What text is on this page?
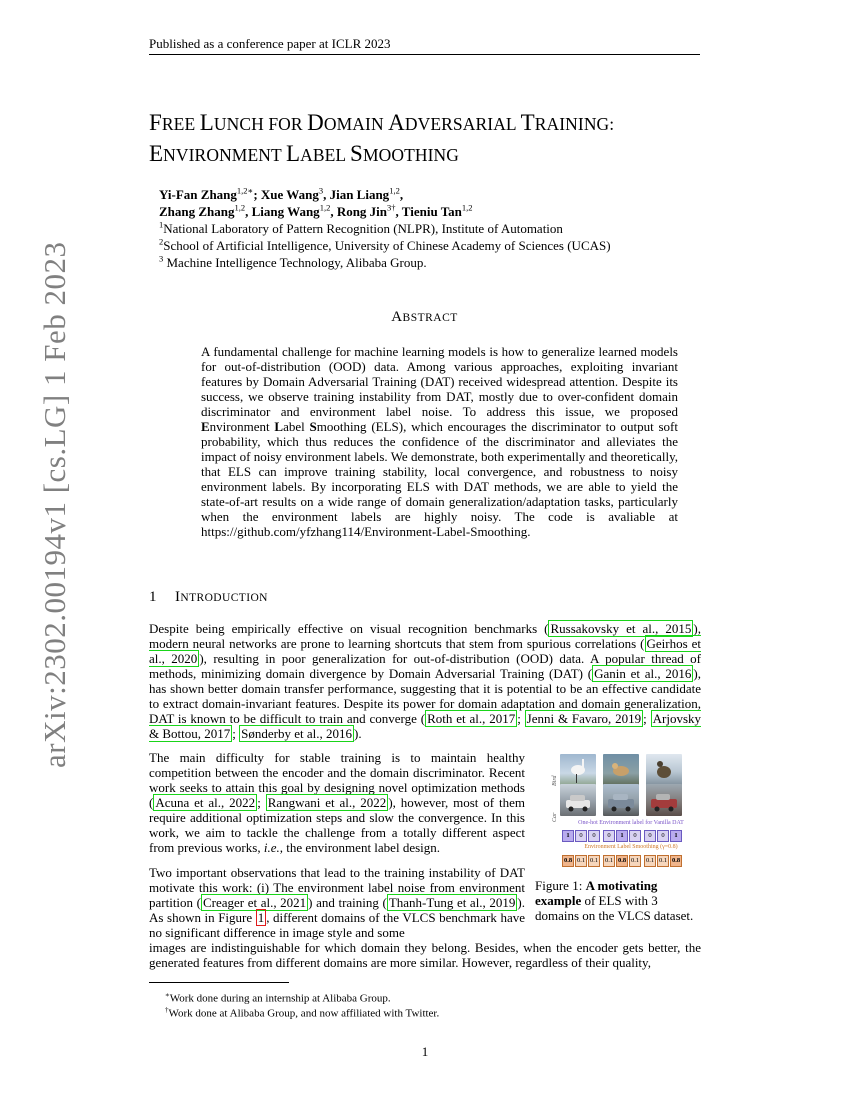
Published as a conference paper at ICLR 2023
arXiv:2302.00194v1 [cs.LG] 1 Feb 2023
FREE LUNCH FOR DOMAIN ADVERSARIAL TRAINING:
ENVIRONMENT LABEL SMOOTHING
Yi-Fan Zhang$^{1,2∗}$; Xue Wang$^3$, Jian Liang$^{1,2}$,
Zhang Zhang$^{1,2}$, Liang Wang$^{1,2}$, Rong Jin$^{3\dagger}$, Tieniu Tan$^{1,2}$
$^1$National Laboratory of Pattern Recognition (NLPR), Institute of Automation
$^2$School of Artificial Intelligence, University of Chinese Academy of Sciences (UCAS)
$^3$ Machine Intelligence Technology, Alibaba Group.
ABSTRACT
A fundamental challenge for machine learning models is how to generalize learned models for out-of-distribution (OOD) data. Among various approaches, exploiting invariant features by Domain Adversarial Training (DAT) received widespread attention. Despite its success, we observe training instability from DAT, mostly due to over-confident domain discriminator and environment label noise. To address this issue, we proposed Environment Label Smoothing (ELS), which encourages the discriminator to output soft probability, which thus reduces the confidence of the discriminator and alleviates the impact of noisy environment labels. We demonstrate, both experimentally and theoretically, that ELS can improve training stability, local convergence, and robustness to noisy environment labels. By incorporating ELS with DAT methods, we are able to yield the state-of-art results on a wide range of domain generalization/adaptation tasks, particularly when the environment labels are highly noisy. The code is avaliable at https://github.com/yfzhang114/Environment-Label-Smoothing.
1 INTRODUCTION
Despite being empirically effective on visual recognition benchmarks ( Russakovsky et al., 2015 ), modern neural networks are prone to learning shortcuts that stem from spurious correlations ( Geirhos et al., 2020 ), resulting in poor generalization for out-of-distribution (OOD) data. A popular thread of methods, minimizing domain divergence by Domain Adversarial Training (DAT) ( Ganin et al., 2016 ), has shown better domain transfer performance, suggesting that it is potential to be an effective candidate to extract domain-invariant features. Despite its power for domain adaptation and domain generalization, DAT is known to be difficult to train and converge ( Roth et al., 2017 ; Jenni & Favaro, 2019 ; Arjovsky & Bottou, 2017 ; Sønderby et al., 2016 ).
The main difficulty for stable training is to maintain healthy competition between the encoder and the domain discriminator. Recent work seeks to attain this goal by designing novel optimization methods ( Acuna et al., 2022 ; Rangwani et al., 2022 ), however, most of them require additional optimization steps and slow the convergence. In this work, we aim to tackle the challenge from a totally different aspect from previous works, i.e., the environment label design.
Two important observations that lead to the training instability of DAT motivate this work: (i) The environment label noise from environment partition ( Creager et al., 2021 ) and training ( Thanh-Tung et al., 2019 ). As shown in Figure 1 , different domains of the VLCS benchmark have no significant difference in image style and some
images are indistinguishable for which domain they belong. Besides, when the encoder gets better, the generated features from different domains are more similar. However, regardless of their quality,
Bird
Car
One-hot Environment label for Vanilla DAT
1	0	0	0	1	0	0	0	1
Environment Label Smoothing (γ=0.8)
0.8 0.1 0.1 0.1 0.8 0.1 0.1 0.1 0.8
Figure 1: A motivating example of ELS with 3 domains on the VLCS dataset.
∗Work done during an internship at Alibaba Group.
†Work done at Alibaba Group, and now affiliated with Twitter.
1
